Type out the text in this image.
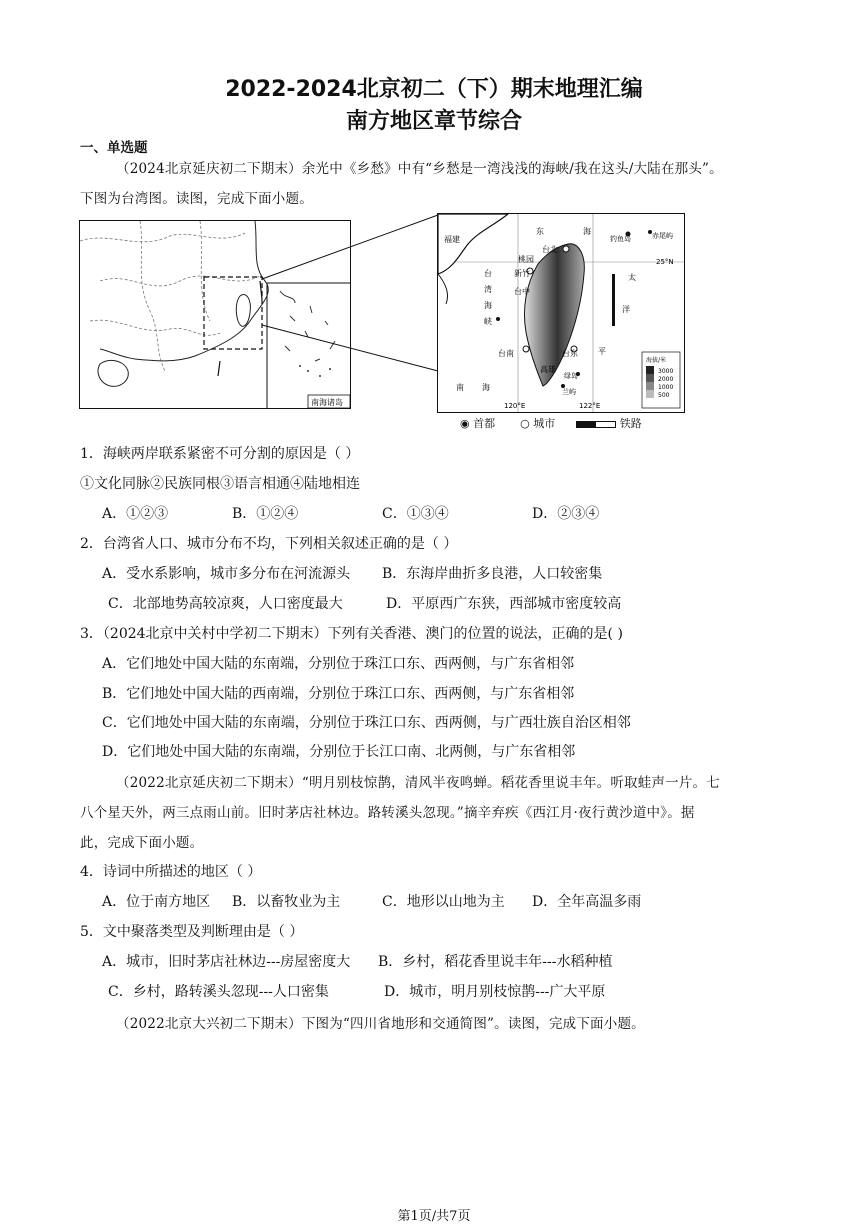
2022-2024北京初二（下）期末地理汇编
南方地区章节综合
一、单选题
（2024北京延庆初二下期末）余光中《乡愁》中有“乡愁是一湾浅浅的海峡/我在这头/大陆在那头”。
下图为台湾图。读图，完成下面小题。
南海诸岛
福建
东	海
台北
钓鱼岛	赤尾屿
25°N
台
桃园
新竹
台中
湾
海
峡
太
台南
高雄
台东	平
洋
南 海
绿岛
兰屿
120°E	122°E
海拔/米
3000
2000
1000
500
◉ 首都 ○ 城市	铁路
1．海峡两岸联系紧密不可分割的原因是（ ）
①文化同脉②民族同根③语言相通④陆地相连
A．①②③	B．①②④	C．①③④	D．②③④
2．台湾省人口、城市分布不均，下列相关叙述正确的是（ ）
A．受水系影响，城市多分布在河流源头 B．东海岸曲折多良港，人口较密集
C．北部地势高较凉爽，人口密度最大	D．平原西广东狭，西部城市密度较高
3．（2024北京中关村中学初二下期末）下列有关香港、澳门的位置的说法，正确的是( )
A．它们地处中国大陆的东南端，分别位于珠江口东、西两侧，与广东省相邻
B．它们地处中国大陆的西南端，分别位于珠江口东、西两侧，与广东省相邻
C．它们地处中国大陆的东南端，分别位于珠江口东、西两侧，与广西壮族自治区相邻
D．它们地处中国大陆的东南端，分别位于长江口南、北两侧，与广东省相邻
（2022北京延庆初二下期末）“明月别枝惊鹊，清风半夜鸣蝉。稻花香里说丰年。听取蛙声一片。七
八个星天外，两三点雨山前。旧时茅店社林边。路转溪头忽现。”摘辛弃疾《西江月·夜行黄沙道中》。据
此，完成下面小题。
4．诗词中所描述的地区（ ）
A．位于南方地区 B．以畜牧业为主	C．地形以山地为主 D．全年高温多雨
5．文中聚落类型及判断理由是（ ）
A．城市，旧时茅店社林边---房屋密度大 B．乡村，稻花香里说丰年---水稻种植
C．乡村，路转溪头忽现---人口密集	D．城市，明月别枝惊鹊---广大平原
（2022北京大兴初二下期末）下图为“四川省地形和交通简图”。读图，完成下面小题。
第1页/共7页
